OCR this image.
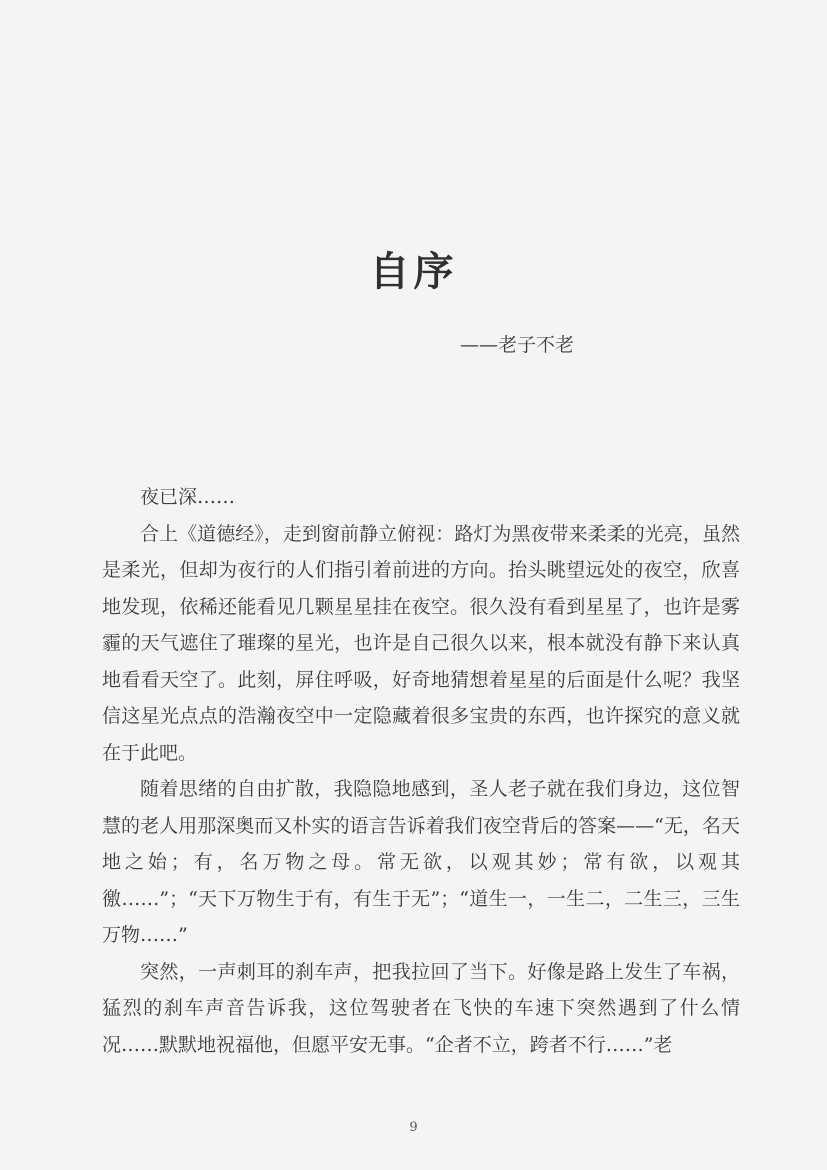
自序
——老子不老

夜已深……

合上《道德经》，走到窗前静立俯视：路灯为黑夜带来柔柔的光亮，虽然是柔光，但却为夜行的人们指引着前进的方向。抬头眺望远处的夜空，欣喜地发现，依稀还能看见几颗星星挂在夜空。很久没有看到星星了，也许是雾霾的天气遮住了璀璨的星光，也许是自己很久以来，根本就没有静下来认真地看看天空了。此刻，屏住呼吸，好奇地猜想着星星的后面是什么呢？我坚信这星光点点的浩瀚夜空中一定隐藏着很多宝贵的东西，也许探究的意义就在于此吧。

随着思绪的自由扩散，我隐隐地感到，圣人老子就在我们身边，这位智慧的老人用那深奥而又朴实的语言告诉着我们夜空背后的答案——“无，名天地之始；有，名万物之母。常无欲，以观其妙；常有欲，以观其徼……”；“天下万物生于有，有生于无”；“道生一，一生二，二生三，三生万物……”

突然，一声刺耳的刹车声，把我拉回了当下。好像是路上发生了车祸，猛烈的刹车声音告诉我，这位驾驶者在飞快的车速下突然遇到了什么情况……默默地祝福他，但愿平安无事。“企者不立，跨者不行……”老

9
